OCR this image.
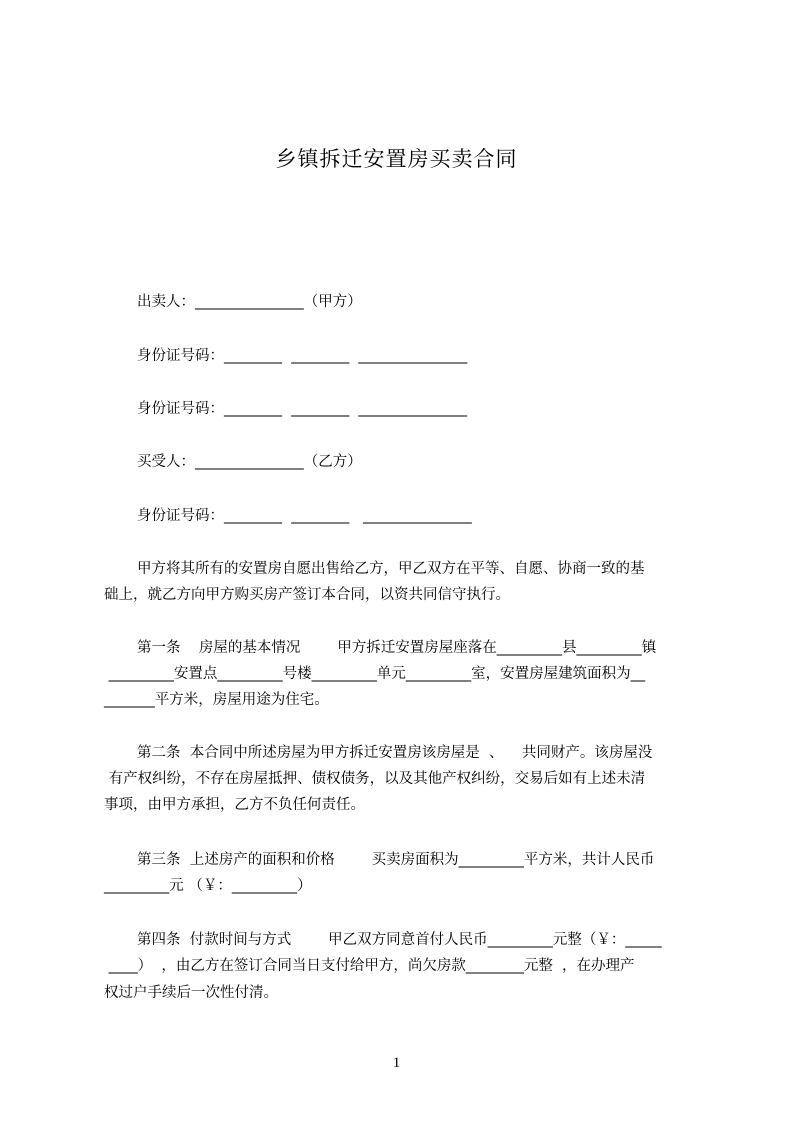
乡镇拆迁安置房买卖合同
出卖人：_______________（甲方）
身份证号码：________  ________  _______________
身份证号码：________  ________  _______________
买受人：_______________（乙方）
身份证号码：________  ________   _______________
甲方将其所有的安置房自愿出售给乙方，甲乙双方在平等、自愿、协商一致的基
础上，就乙方向甲方购买房产签订本合同，以资共同信守执行。
第一条    房屋的基本情况        甲方拆迁安置房屋座落在_________县_________镇
_________安置点_________号楼_________单元_________室，安置房屋建筑面积为__
_______平方米，房屋用途为住宅。
第二条  本合同中所述房屋为甲方拆迁安置房该房屋是  、    共同财产。该房屋没
有产权纠纷，不存在房屋抵押、债权债务，以及其他产权纠纷，交易后如有上述未清
事项，由甲方承担，乙方不负任何责任。
第三条  上述房产的面积和价格        买卖房面积为_________平方米，共计人民币
_________元 （￥：_________）
第四条  付款时间与方式        甲乙双方同意首付人民币_________元整（￥：_____
____）  ，由乙方在签订合同当日支付给甲方，尚欠房款________元整  ，在办理产
权过户手续后一次性付清。
1
